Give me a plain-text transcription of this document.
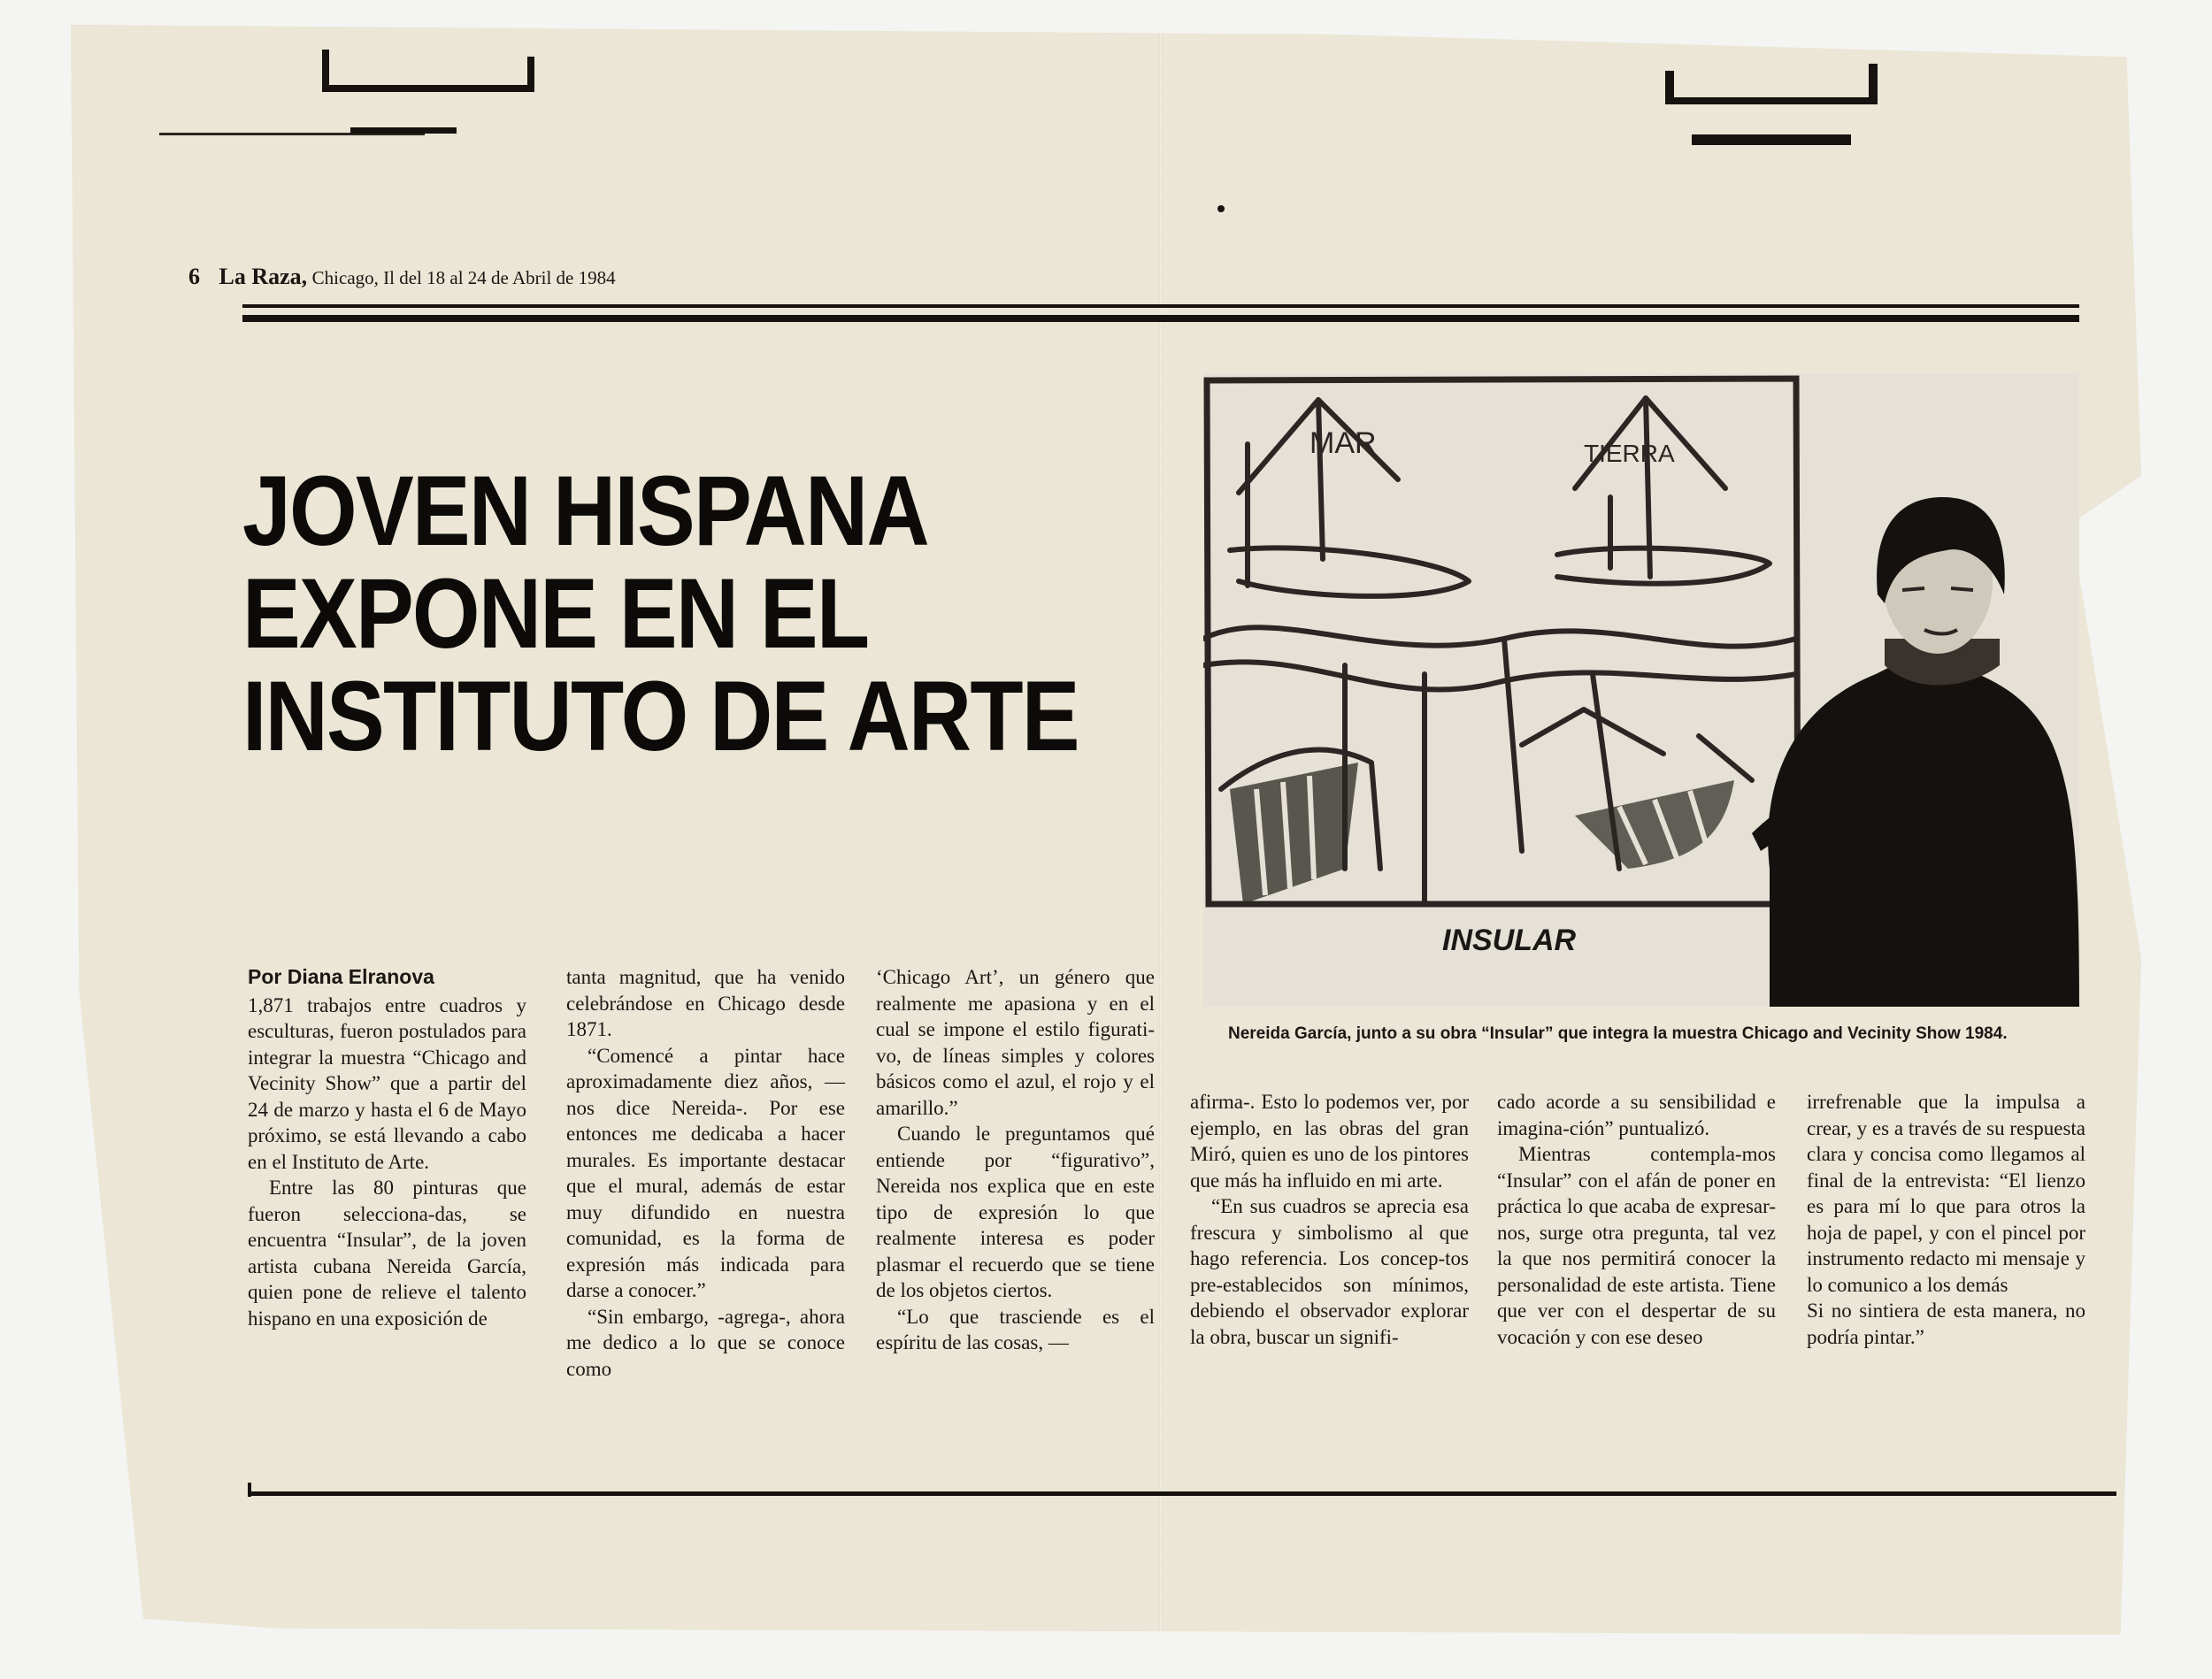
6 La Raza, Chicago, Il del 18 al 24 de Abril de 1984
JOVEN HISPANA
EXPONE EN EL
INSTITUTO DE ARTE
Por Diana Elranova

1,871 trabajos entre cuadros y esculturas, fueron postulados para integrar la muestra “Chicago and Vecinity Show” que a partir del 24 de marzo y hasta el 6 de Mayo próximo, se está llevando a cabo en el Instituto de Arte.

Entre las 80 pinturas que fueron selecciona-das, se encuentra “Insular”, de la joven artista cubana Nereida García, quien pone de relieve el talento hispano en una exposición de

tanta magnitud, que ha venido celebrándose en Chicago desde 1871.

“Comencé a pintar hace aproximadamente diez años, —nos dice Nereida-. Por ese entonces me dedicaba a hacer murales. Es importante destacar que el mural, además de estar muy difundido en nuestra comunidad, es la forma de expresión más indicada para darse a conocer.”

“Sin embargo, -agrega-, ahora me dedico a lo que se conoce como

‘Chicago Art’, un género que realmente me apasiona y en el cual se impone el estilo figurati-vo, de líneas simples y colores básicos como el azul, el rojo y el amarillo.”

Cuando le preguntamos qué entiende por “figurativo”, Nereida nos explica que en este tipo de expresión lo que realmente interesa es poder plasmar el recuerdo que se tiene de los objetos ciertos.

“Lo que trasciende es el espíritu de las cosas, —

afirma-. Esto lo podemos ver, por ejemplo, en las obras del gran Miró, quien es uno de los pintores que más ha influido en mi arte.

“En sus cuadros se aprecia esa frescura y simbolismo al que hago referencia. Los concep-tos pre-establecidos son mínimos, debiendo el observador explorar la obra, buscar un signifi-

cado acorde a su sensibilidad e imagina-ción” puntualizó.

Mientras contempla-mos “Insular” con el afán de poner en práctica lo que acaba de expresar-nos, surge otra pregunta, tal vez la que nos permitirá conocer la personalidad de este artista. Tiene que ver con el despertar de su vocación y con ese deseo

irrefrenable que la impulsa a crear, y es a través de su respuesta clara y concisa como llegamos al final de la entrevista: “El lienzo es para mí lo que para otros la hoja de papel, y con el pincel por instrumento redacto mi mensaje y lo comunico a los demás

Si no sintiera de esta manera, no podría pintar.”

MAR	TIERRA
INSULAR
Nereida García, junto a su obra “Insular” que integra la muestra Chicago and Vecinity Show 1984.
